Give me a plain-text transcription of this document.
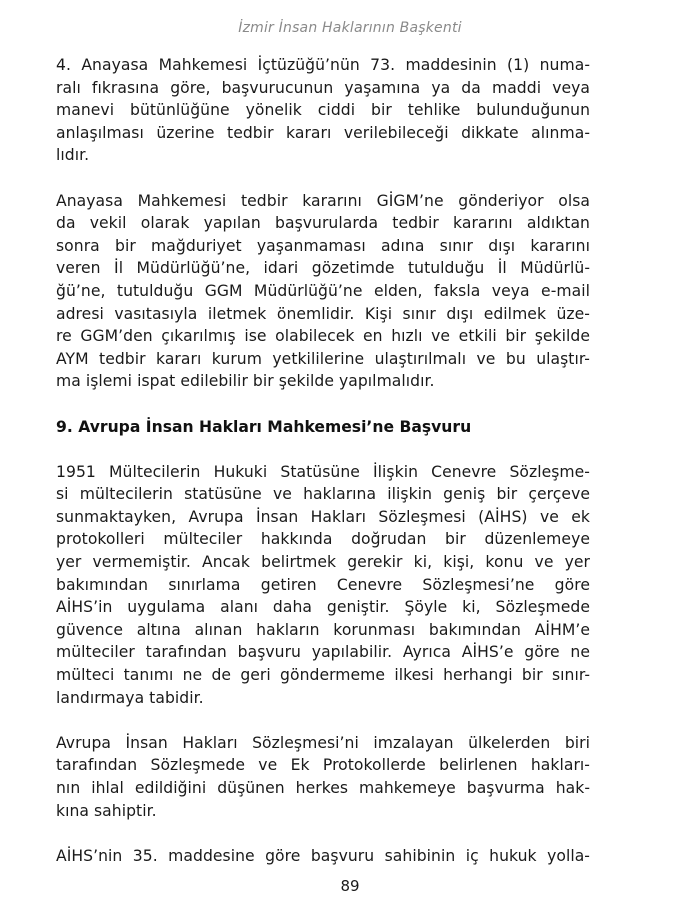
İzmir İnsan Haklarının Başkenti
4. Anayasa Mahkemesi İçtüzüğü’nün 73. maddesinin (1) numa-
ralı fıkrasına göre, başvurucunun yaşamına ya da maddi veya
manevi bütünlüğüne yönelik ciddi bir tehlike bulunduğunun
anlaşılması üzerine tedbir kararı verilebileceği dikkate alınma-
lıdır.
Anayasa Mahkemesi tedbir kararını GİGM’ne gönderiyor olsa
da vekil olarak yapılan başvurularda tedbir kararını aldıktan
sonra bir mağduriyet yaşanmaması adına sınır dışı kararını
veren İl Müdürlüğü’ne, idari gözetimde tutulduğu İl Müdürlü-
ğü’ne, tutulduğu GGM Müdürlüğü’ne elden, faksla veya e-mail
adresi vasıtasıyla iletmek önemlidir. Kişi sınır dışı edilmek üze-
re GGM’den çıkarılmış ise olabilecek en hızlı ve etkili bir şekilde
AYM tedbir kararı kurum yetkililerine ulaştırılmalı ve bu ulaştır-
ma işlemi ispat edilebilir bir şekilde yapılmalıdır.
9. Avrupa İnsan Hakları Mahkemesi’ne Başvuru
1951 Mültecilerin Hukuki Statüsüne İlişkin Cenevre Sözleşme-
si mültecilerin statüsüne ve haklarına ilişkin geniş bir çerçeve
sunmaktayken, Avrupa İnsan Hakları Sözleşmesi (AİHS) ve ek
protokolleri mülteciler hakkında doğrudan bir düzenlemeye
yer vermemiştir. Ancak belirtmek gerekir ki, kişi, konu ve yer
bakımından sınırlama getiren Cenevre Sözleşmesi’ne göre
AİHS’in uygulama alanı daha geniştir. Şöyle ki, Sözleşmede
güvence altına alınan hakların korunması bakımından AİHM’e
mülteciler tarafından başvuru yapılabilir. Ayrıca AİHS’e göre ne
mülteci tanımı ne de geri göndermeme ilkesi herhangi bir sınır-
landırmaya tabidir.
Avrupa İnsan Hakları Sözleşmesi’ni imzalayan ülkelerden biri
tarafından Sözleşmede ve Ek Protokollerde belirlenen hakları-
nın ihlal edildiğini düşünen herkes mahkemeye başvurma hak-
kına sahiptir.
AİHS’nin 35. maddesine göre başvuru sahibinin iç hukuk yolla-
89
